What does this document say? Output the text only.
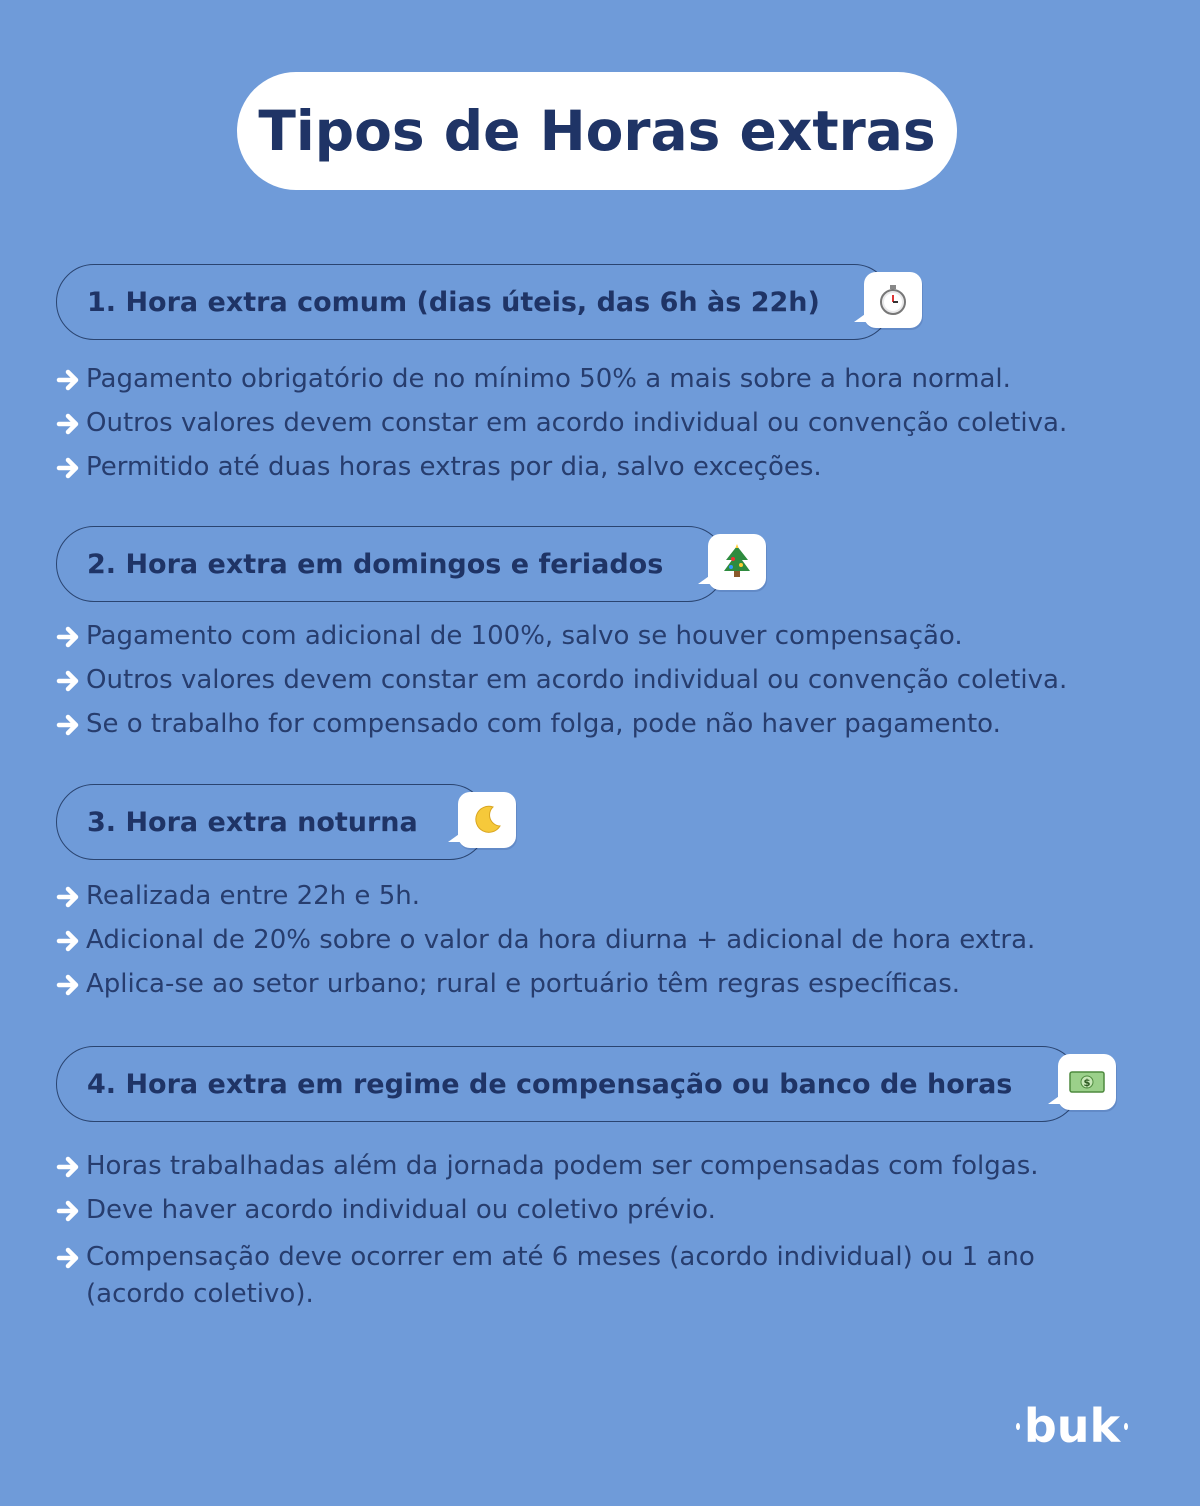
Tipos de Horas extras
1. Hora extra comum (dias úteis, das 6h às 22h)
Pagamento obrigatório de no mínimo 50% a mais sobre a hora normal.
Outros valores devem constar em acordo individual ou convenção coletiva.
Permitido até duas horas extras por dia, salvo exceções.
2. Hora extra em domingos e feriados
Pagamento com adicional de 100%, salvo se houver compensação.
Outros valores devem constar em acordo individual ou convenção coletiva.
Se o trabalho for compensado com folga, pode não haver pagamento.
3. Hora extra noturna
Realizada entre 22h e 5h.
Adicional de 20% sobre o valor da hora diurna + adicional de hora extra.
Aplica-se ao setor urbano; rural e portuário têm regras específicas.
4. Hora extra em regime de compensação ou banco de horas	$
Horas trabalhadas além da jornada podem ser compensadas com folgas.
Deve haver acordo individual ou coletivo prévio.
Compensação deve ocorrer em até 6 meses (acordo individual) ou 1 ano (acordo coletivo).
buk
